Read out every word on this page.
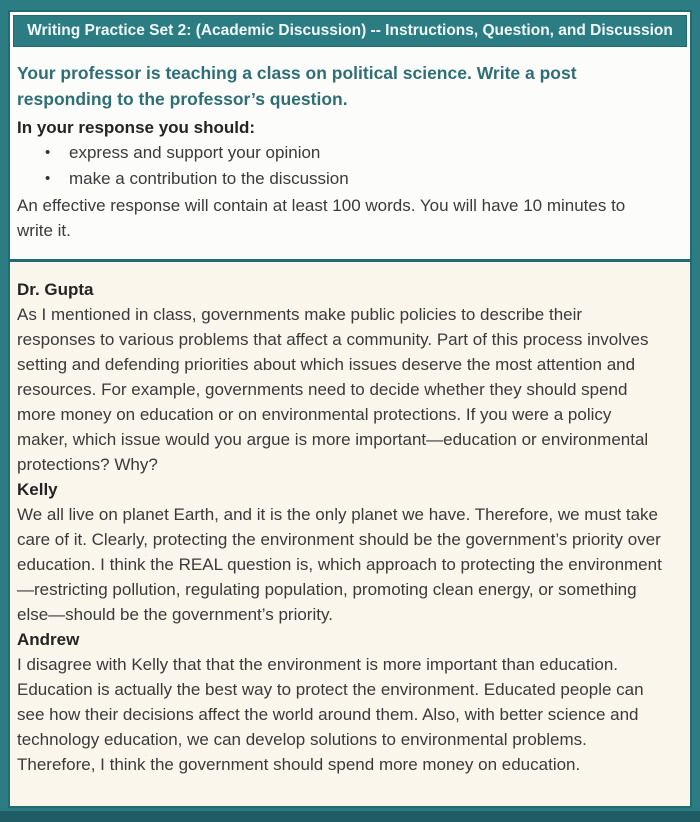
Writing Practice Set 2: (Academic Discussion) -- Instructions, Question, and Discussion

Your professor is teaching a class on political science. Write a post responding to the professor’s question.

In your response you should:

• express and support your opinion
• make a contribution to the discussion

An effective response will contain at least 100 words. You will have 10 minutes to write it.

Dr. Gupta

As I mentioned in class, governments make public policies to describe their responses to various problems that affect a community. Part of this process involves setting and defending priorities about which issues deserve the most attention and resources. For example, governments need to decide whether they should spend more money on education or on environmental protections. If you were a policy maker, which issue would you argue is more important—education or environmental protections? Why?

Kelly

We all live on planet Earth, and it is the only planet we have. Therefore, we must take care of it. Clearly, protecting the environment should be the government’s priority over education. I think the REAL question is, which approach to protecting the environment—restricting pollution, regulating population, promoting clean energy, or something else—should be the government’s priority.

Andrew

I disagree with Kelly that that the environment is more important than education. Education is actually the best way to protect the environment. Educated people can see how their decisions affect the world around them. Also, with better science and technology education, we can develop solutions to environmental problems. Therefore, I think the government should spend more money on education.
